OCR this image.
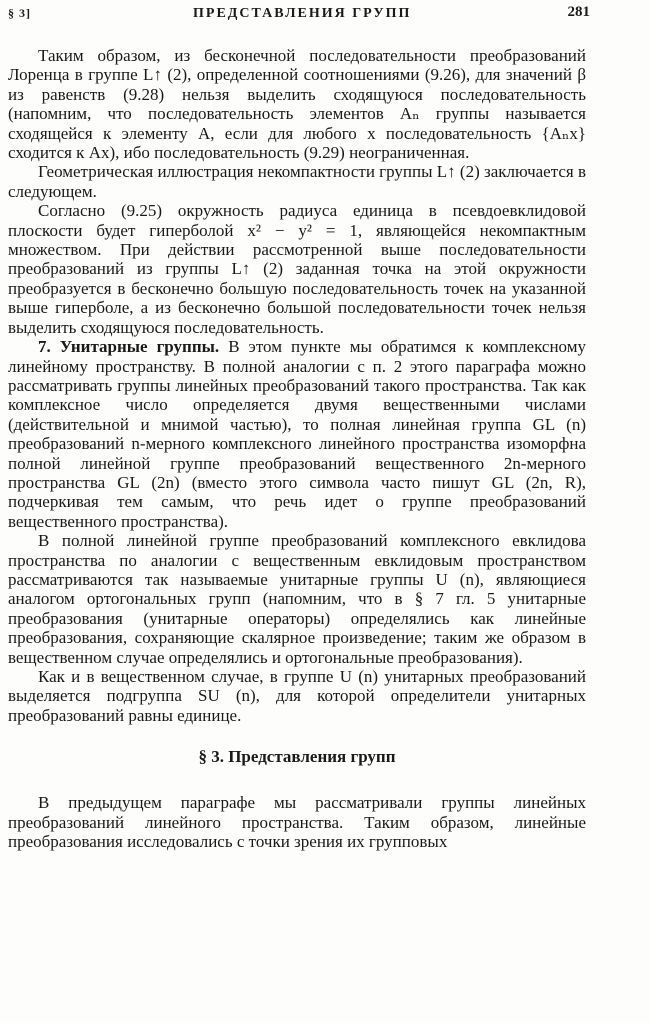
§ 3]	ПРЕДСТАВЛЕНИЯ ГРУПП	281

Таким образом, из бесконечной последовательности преобразований Лоренца в группе L↑ (2), определенной соотношениями (9.26), для значений β из равенств (9.28) нельзя выделить сходящуюся последовательность (напомним, что последовательность элементов Aₙ группы называется сходящейся к элементу A, если для любого x последовательность {Aₙx} сходится к Ax), ибо последовательность (9.29) неограниченная.

Геометрическая иллюстрация некомпактности группы L↑ (2) заключается в следующем.

Согласно (9.25) окружность радиуса единица в псевдоевклидовой плоскости будет гиперболой x² − y² = 1, являющейся некомпактным множеством. При действии рассмотренной выше последовательности преобразований из группы L↑ (2) заданная точка на этой окружности преобразуется в бесконечно большую последовательность точек на указанной выше гиперболе, а из бесконечно большой последовательности точек нельзя выделить сходящуюся последовательность.

7. Унитарные группы. В этом пункте мы обратимся к комплексному линейному пространству. В полной аналогии с п. 2 этого параграфа можно рассматривать группы линейных преобразований такого пространства. Так как комплексное число определяется двумя вещественными числами (действительной и мнимой частью), то полная линейная группа GL (n) преобразований n-мерного комплексного линейного пространства изоморфна полной линейной группе преобразований вещественного 2n-мерного пространства GL (2n) (вместо этого символа часто пишут GL (2n, R), подчеркивая тем самым, что речь идет о группе преобразований вещественного пространства).

В полной линейной группе преобразований комплексного евклидова пространства по аналогии с вещественным евклидовым пространством рассматриваются так называемые унитарные группы U (n), являющиеся аналогом ортогональных групп (напомним, что в § 7 гл. 5 унитарные преобразования (унитарные операторы) определялись как линейные преобразования, сохраняющие скалярное произведение; таким же образом в вещественном случае определялись и ортогональные преобразования).

Как и в вещественном случае, в группе U (n) унитарных преобразований выделяется подгруппа SU (n), для которой определители унитарных преобразований равны единице.

§ 3. Представления групп

В предыдущем параграфе мы рассматривали группы линейных преобразований линейного пространства. Таким образом, линейные преобразования исследовались с точки зрения их групповых
